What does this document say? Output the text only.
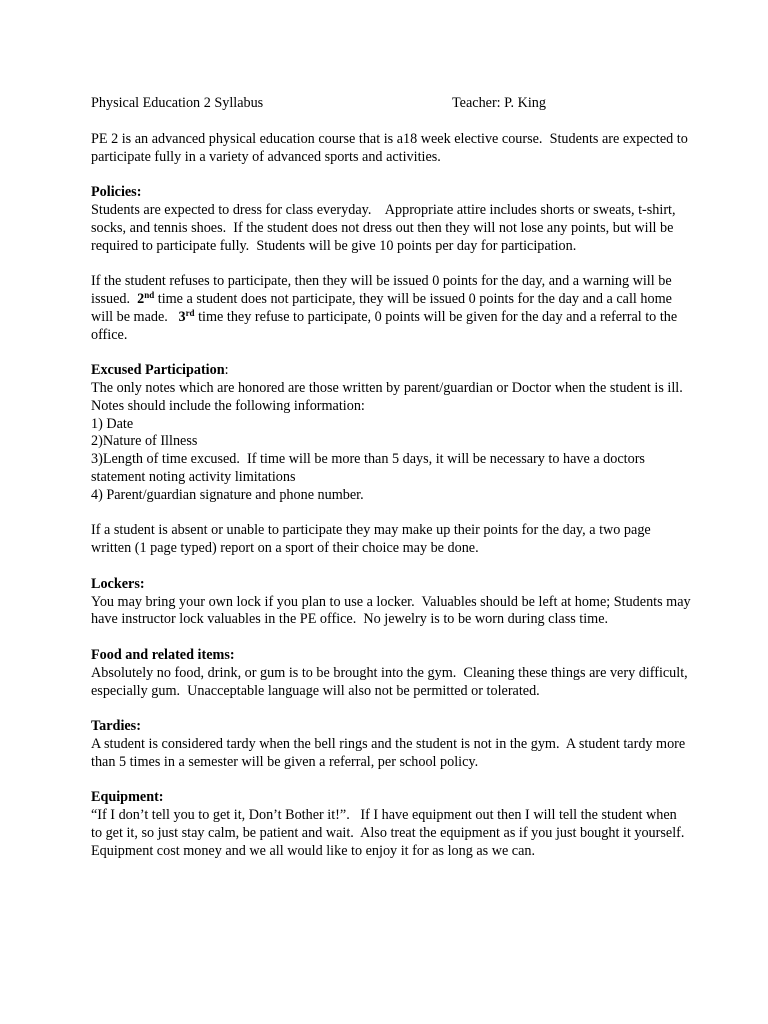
Physical Education 2 Syllabus	Teacher: P. King

PE 2 is an advanced physical education course that is a18 week elective course.  Students are expected to participate fully in a variety of advanced sports and activities.

Policies:

Students are expected to dress for class everyday.    Appropriate attire includes shorts or sweats, t-shirt, socks, and tennis shoes.  If the student does not dress out then they will not lose any points, but will be required to participate fully.  Students will be give 10 points per day for participation.

If the student refuses to participate, then they will be issued 0 points for the day, and a warning will be issued.  2nd time a student does not participate, they will be issued 0 points for the day and a call home will be made.   3rd time they refuse to participate, 0 points will be given for the day and a referral to the office.

Excused Participation:

The only notes which are honored are those written by parent/guardian or Doctor when the student is ill.   Notes should include the following information:

1) Date

2)Nature of Illness

3)Length of time excused.  If time will be more than 5 days, it will be necessary to have a doctors statement noting activity limitations

4) Parent/guardian signature and phone number.

If a student is absent or unable to participate they may make up their points for the day, a two page written (1 page typed) report on a sport of their choice may be done.

Lockers:

You may bring your own lock if you plan to use a locker.  Valuables should be left at home; Students may have instructor lock valuables in the PE office.  No jewelry is to be worn during class time.

Food and related items:

Absolutely no food, drink, or gum is to be brought into the gym.  Cleaning these things are very difficult, especially gum.  Unacceptable language will also not be permitted or tolerated.

Tardies:

A student is considered tardy when the bell rings and the student is not in the gym.  A student tardy more than 5 times in a semester will be given a referral, per school policy.

Equipment:

“If I don’t tell you to get it, Don’t Bother it!”.   If I have equipment out then I will tell the student when to get it, so just stay calm, be patient and wait.  Also treat the equipment as if you just bought it yourself.  Equipment cost money and we all would like to enjoy it for as long as we can.
